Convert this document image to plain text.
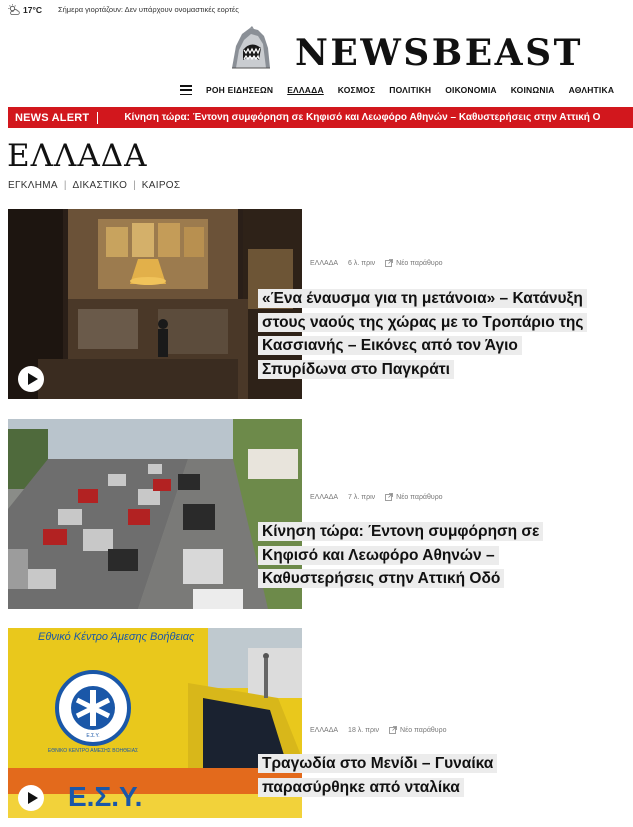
17°C Σήμερα γιορτάζουν: Δεν υπάρχουν ονομαστικές εορτές
NEWSBEAST
ΡΟΗ ΕΙΔΗΣΕΩΝ ΕΛΛΑΔΑ ΚΟΣΜΟΣ ΠΟΛΙΤΙΚΗ ΟΙΚΟΝΟΜΙΑ ΚΟΙΝΩΝΙΑ ΑΘΛΗΤΙΚΑ
NEWS ALERT	Κίνηση τώρα: Έντονη συμφόρηση σε Κηφισό και Λεωφόρο Αθηνών – Καθυστερήσεις στην Αττική Ο
ΕΛΛΑΔΑ
ΕΓΚΛΗΜΑ | ΔΙΚΑΣΤΙΚΟ | ΚΑΙΡΟΣ
ΕΛΛΑΔΑ 6 λ. πριν	Νέο παράθυρο
«Ένα έναυσμα για τη μετάνοια» – Κατάνυξη στους ναούς της χώρας με το Τροπάριο της Κασσιανής – Εικόνες από τον Άγιο Σπυρίδωνα στο Παγκράτι
ΕΛΛΑΔΑ 7 λ. πριν	Νέο παράθυρο
Κίνηση τώρα: Έντονη συμφόρηση σε Κηφισό και Λεωφόρο Αθηνών – Καθυστερήσεις στην Αττική Οδό
Εθνικό Κέντρο Άμεσης Βοήθειας
Ε.Σ.Υ.
ΕΘΝΙΚΟ ΚΕΝΤΡΟ ΑΜΕΣΗΣ ΒΟΗΘΕΙΑΣ
Ε.Σ.Υ.
ΕΛΛΑΔΑ 18 λ. πριν	Νέο παράθυρο
Τραγωδία στο Μενίδι – Γυναίκα παρασύρθηκε από νταλίκα
